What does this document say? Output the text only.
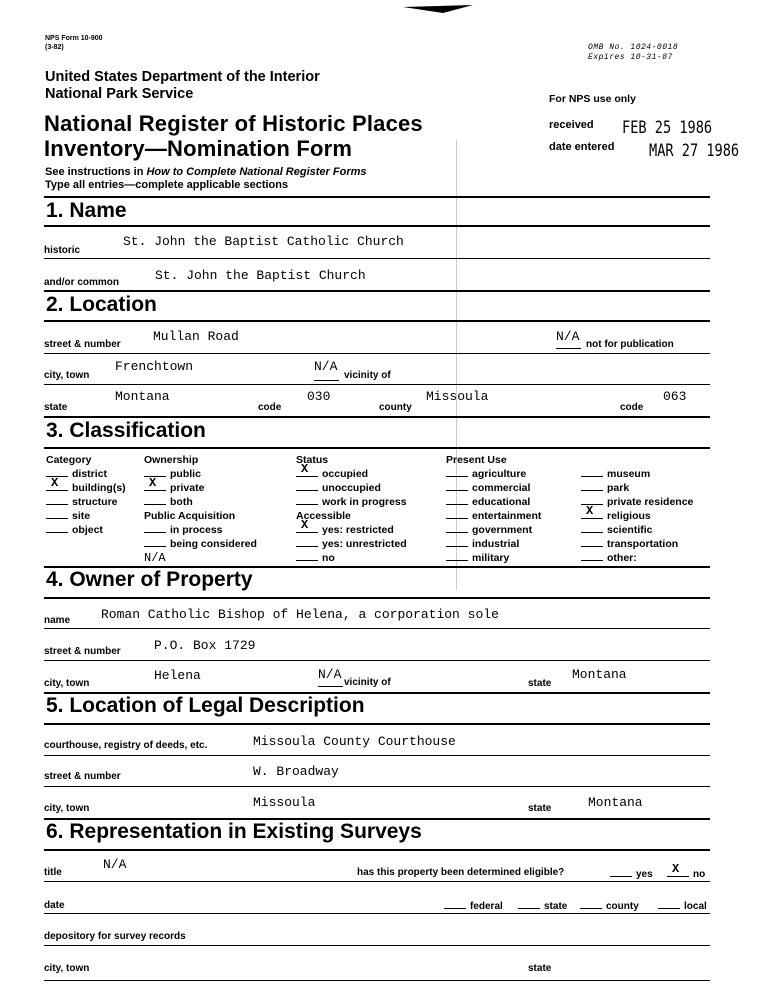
NPS Form 10-900
(3-82)	OMB No. 1024-0018
Expires 10-31-87
United States Department of the Interior
National Park Service	For NPS use only
National Register of Historic Places
Inventory—Nomination Form
received FEB 25 1986
date entered MAR 27 1986
See instructions in How to Complete National Register Forms
Type all entries—complete applicable sections
1. Name
historic
St. John the Baptist Catholic Church
and/or common	St. John the Baptist Church
2. Location
street & number
Mullan Road	N/A
not for publication
city, town
Frenchtown	N/A
vicinity of
state
Montana
code
030
county
Missoula
code
063
3. Classification
Category
district
X building(s)
structure
site
object
Ownership
public
X private
both
Public Acquisition
in process
being considered
N/A
Status
X occupied
unoccupied
work in progress
Accessible
X yes: restricted
yes: unrestricted
no
Present Use
agriculture
commercial
educational
entertainment
government
industrial
military
museum
park
private residence
X religious
scientific
transportation
other:
4. Owner of Property
name Roman Catholic Bishop of Helena, a corporation sole
street & number	P.O. Box 1729
city, town
Helena	N/A
vicinity of	state
Montana
5. Location of Legal Description
courthouse, registry of deeds, etc.	Missoula County Courthouse
street & number	W. Broadway
city, town	Missoula	state	Montana
6. Representation in Existing Surveys
title
N/A
has this property been determined eligible?	yes X no
date	federal	state	county	local
depository for survey records
city, town	state
